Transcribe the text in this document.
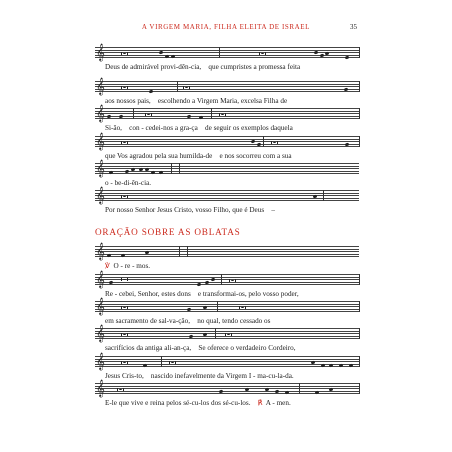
A VIRGEM MARIA, FILHA ELEITA DE ISRAEL	35
ORAÇÃO SOBRE AS OBLATAS
𝄞
Deus de admirável provi-dên-cia,    que cumpristes a promessa feita
𝄞
aos nossos pais,    escolhendo a Virgem Maria, excelsa Filha de
𝄞
Si-ão,    con - cedei-nos a gra-ça    de seguir os exemplos daquela
𝄞
que Vos agradou pela sua humilda-de    e nos socorreu com a sua
𝄞
o - be-di-ên-cia.
𝄞
Por nosso Senhor Jesus Cristo, vosso Filho, que é Deus    –
𝄞
℣  O - re - mos.
𝄞
Re - cebei, Senhor, estes dons    e transformai-os, pelo vosso poder,
𝄞
em sacramento de sal-va-ção,    no qual, tendo cessado os
𝄞
sacrifícios da antiga ali-an-ça,    Se oferece o verdadeiro Cordeiro,
𝄞
Jesus Cris-to,    nascido inefavelmente da Virgem I - ma-cu-la-da.
𝄞
E-le que vive e reina pelos sé-cu-los dos sé-cu-los. ℟  A - men.
